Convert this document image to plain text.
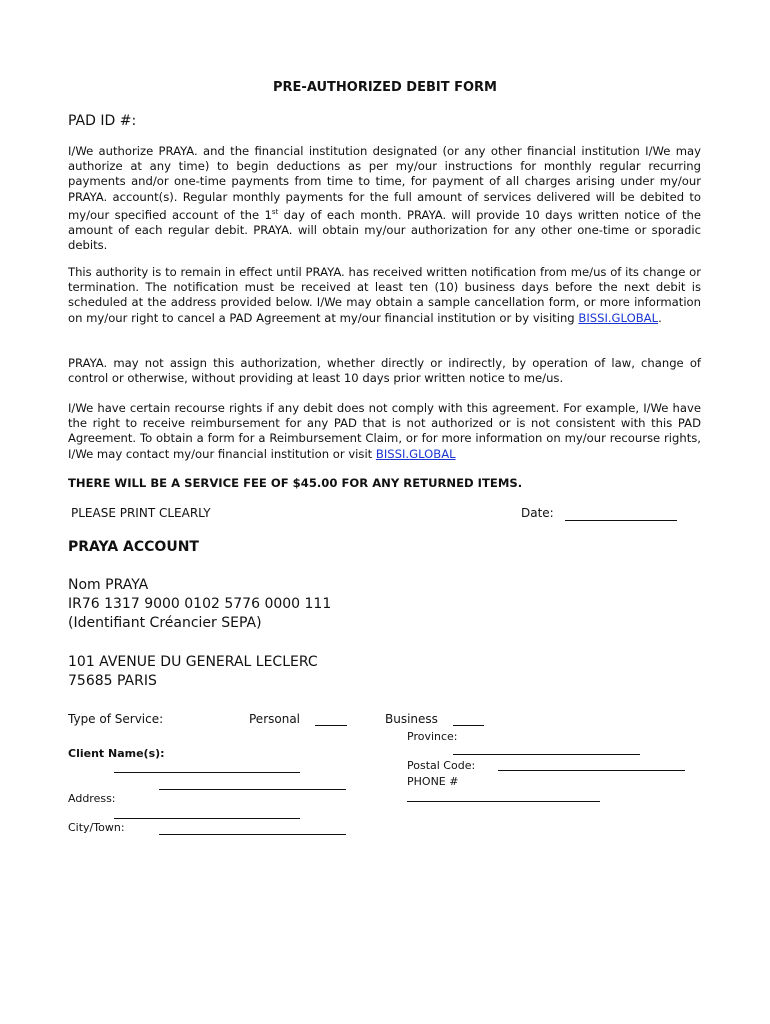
PRE-AUTHORIZED DEBIT FORM
PAD ID #:

I/We authorize PRAYA. and the financial institution designated (or any other financial institution I/We may authorize at any time) to begin deductions as per my/our instructions for monthly regular recurring payments and/or one-time payments from time to time, for payment of all charges arising under my/our PRAYA. account(s). Regular monthly payments for the full amount of services delivered will be debited to my/our specified account of the 1st day of each month. PRAYA. will provide 10 days written notice of the amount of each regular debit. PRAYA. will obtain my/our authorization for any other one-time or sporadic debits.

This authority is to remain in effect until PRAYA. has received written notification from me/us of its change or termination. The notification must be received at least ten (10) business days before the next debit is scheduled at the address provided below. I/We may obtain a sample cancellation form, or more information on my/our right to cancel a PAD Agreement at my/our financial institution or by visiting BISSI.GLOBAL.

PRAYA. may not assign this authorization, whether directly or indirectly, by operation of law, change of control or otherwise, without providing at least 10 days prior written notice to me/us.

I/We have certain recourse rights if any debit does not comply with this agreement. For example, I/We have the right to receive reimbursement for any PAD that is not authorized or is not consistent with this PAD Agreement. To obtain a form for a Reimbursement Claim, or for more information on my/our recourse rights, I/We may contact my/our financial institution or visit BISSI.GLOBAL

THERE WILL BE A SERVICE FEE OF $45.00 FOR ANY RETURNED ITEMS.
PLEASE PRINT CLEARLY	Date:
PRAYA ACCOUNT
Nom PRAYA
IR76 1317 9000 0102 5776 0000 111
(Identifiant Créancier SEPA)
101 AVENUE DU GENERAL LECLERC
75685 PARIS
Type of Service:	Personal	Business
Province:
Client Name(s):
Postal Code:
PHONE #
Address:
City/Town:
